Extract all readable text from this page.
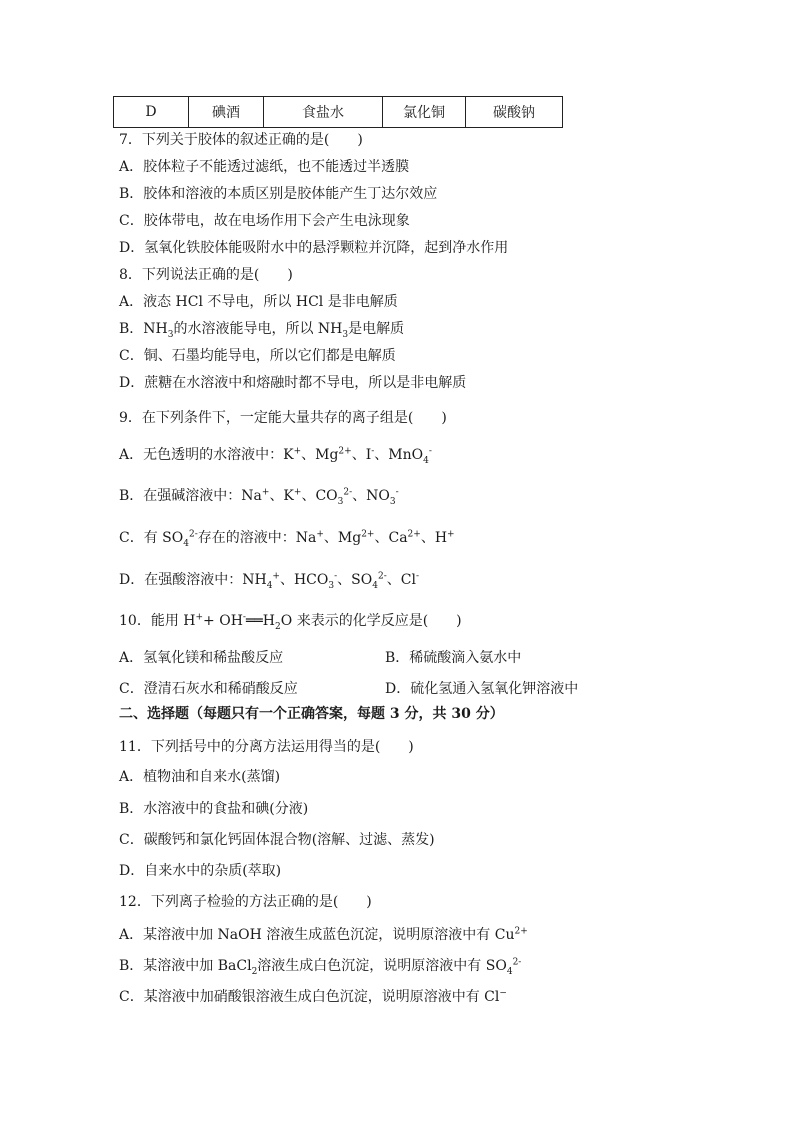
D	碘酒	食盐水	氯化铜	碳酸钠
7．下列关于胶体的叙述正确的是(　　)
A．胶体粒子不能透过滤纸，也不能透过半透膜
B．胶体和溶液的本质区别是胶体能产生丁达尔效应
C．胶体带电，故在电场作用下会产生电泳现象
D．氢氧化铁胶体能吸附水中的悬浮颗粒并沉降，起到净水作用
8．下列说法正确的是(　　)
A．液态 HCl 不导电，所以 HCl 是非电解质
B．$NH_3$的水溶液能导电，所以 $NH_3$是电解质
C．铜、石墨均能导电，所以它们都是电解质
D．蔗糖在水溶液中和熔融时都不导电，所以是非电解质
9．在下列条件下，一定能大量共存的离子组是(　　)
A．无色透明的水溶液中：K+、$Mg^{2+}$、I-、MnO$_4$-
B．在强碱溶液中：Na+、K+、$CO_3^{2-}$、$NO_3^-$
C．有 $SO_4^{2-}$存在的溶液中：Na+、$Mg^{2+}$、$Ca^{2+}$、H+
D．在强酸溶液中：$NH_4^+$、$HCO_3^-$、$SO_4^{2-}$、Cl-
10．能用 $H^++ OH^-══H_2O$ 来表示的化学反应是(　　)
A．氢氧化镁和稀盐酸反应	B．稀硫酸滴入氨水中
C．澄清石灰水和稀硝酸反应	D．硫化氢通入氢氧化钾溶液中
二、选择题（每题只有一个正确答案，每题 3 分，共 30 分）
11．下列括号中的分离方法运用得当的是(　　)
A．植物油和自来水(蒸馏)
B．水溶液中的食盐和碘(分液)
C．碳酸钙和氯化钙固体混合物(溶解、过滤、蒸发)
D．自来水中的杂质(萃取)
12．下列离子检验的方法正确的是(　　)
A．某溶液中加 NaOH 溶液生成蓝色沉淀，说明原溶液中有 $Cu^{2+}$
B．某溶液中加 BaCl$_2$溶液生成白色沉淀，说明原溶液中有 $SO_4^{2-}$
C．某溶液中加硝酸银溶液生成白色沉淀，说明原溶液中有 Cl−
